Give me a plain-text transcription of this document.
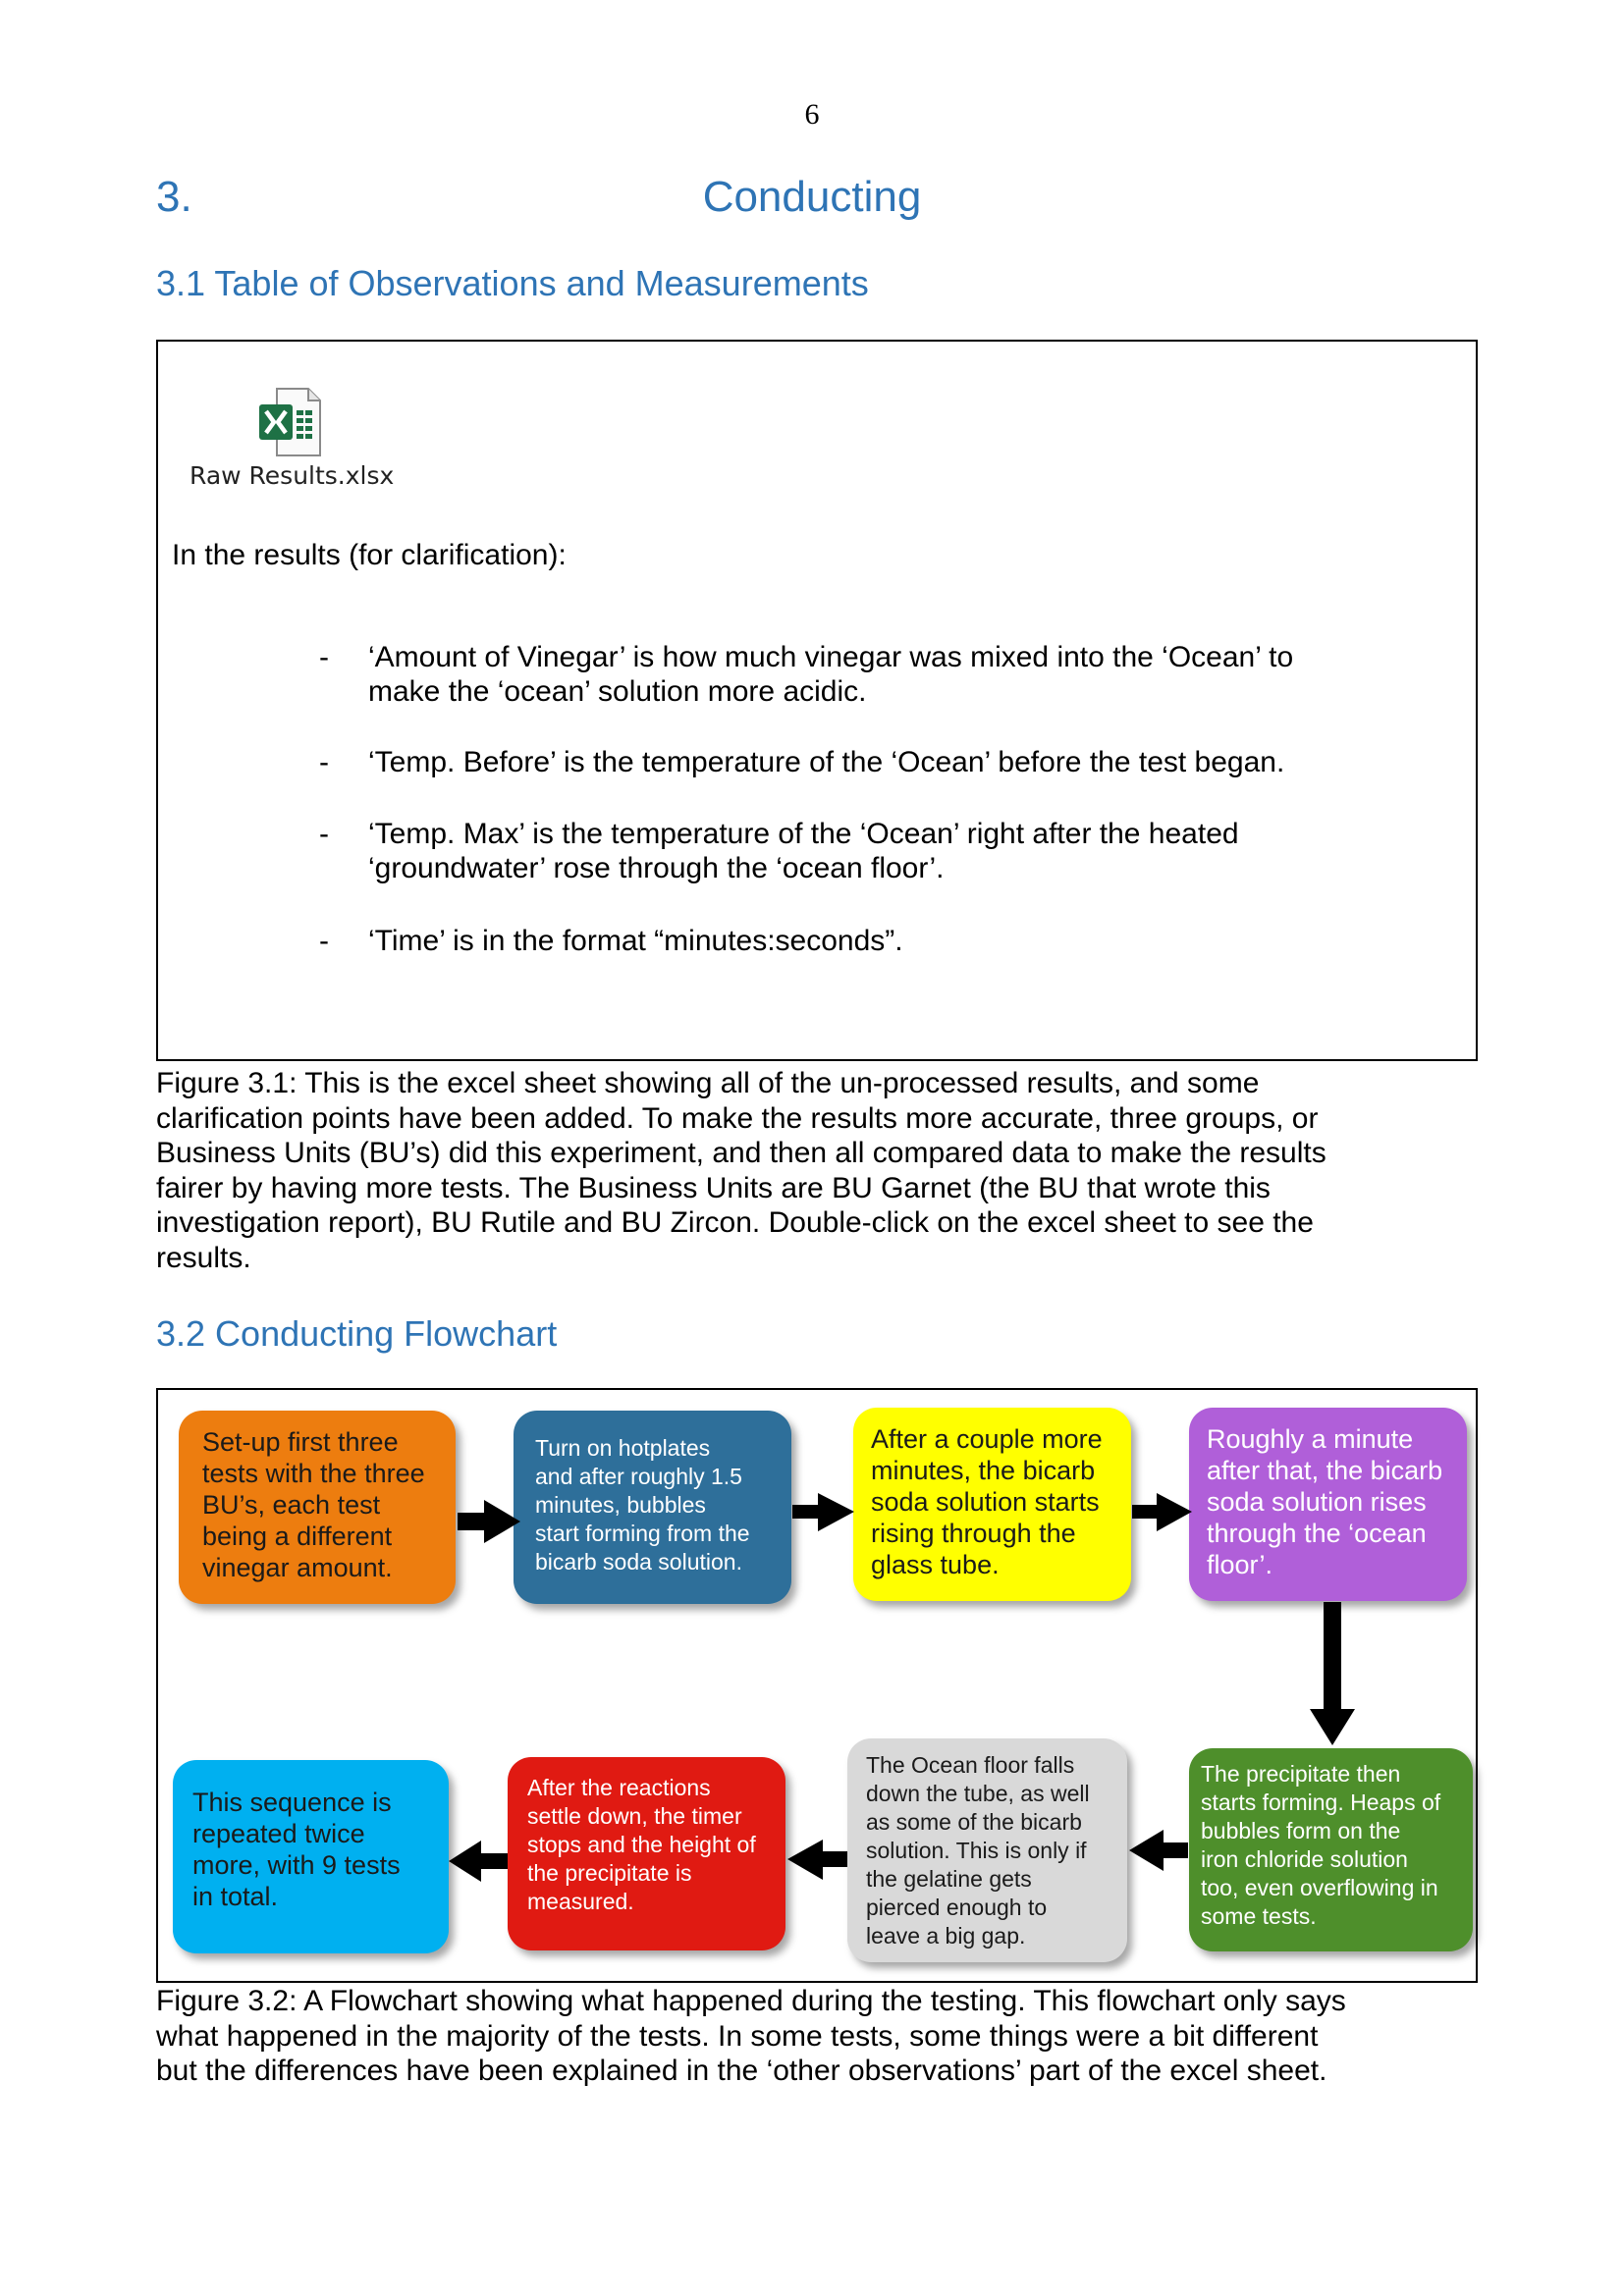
6
3.	Conducting
3.1 Table of Observations and Measurements
Raw Results.xlsx
In the results (for clarification):
- ‘Amount of Vinegar’ is how much vinegar was mixed into the ‘Ocean’ to
make the ‘ocean’ solution more acidic.
- ‘Temp. Before’ is the temperature of the ‘Ocean’ before the test began.
- ‘Temp. Max’ is the temperature of the ‘Ocean’ right after the heated
‘groundwater’ rose through the ‘ocean floor’.
- ‘Time’ is in the format “minutes:seconds”.
Figure 3.1: This is the excel sheet showing all of the un-processed results, and some
clarification points have been added. To make the results more accurate, three groups, or
Business Units (BU’s) did this experiment, and then all compared data to make the results
fairer by having more tests. The Business Units are BU Garnet (the BU that wrote this
investigation report), BU Rutile and BU Zircon. Double-click on the excel sheet to see the
results.
3.2 Conducting Flowchart
Set-up first three
tests with the three
BU’s, each test
being a different
vinegar amount.
Turn on hotplates
and after roughly 1.5
minutes, bubbles
start forming from the
bicarb soda solution.
After a couple more
minutes, the bicarb
soda solution starts
rising through the
glass tube.
Roughly a minute
after that, the bicarb
soda solution rises
through the ‘ocean
floor’.
The precipitate then
starts forming. Heaps of
bubbles form on the
iron chloride solution
too, even overflowing in
some tests.
The Ocean floor falls
down the tube, as well
as some of the bicarb
solution. This is only if
the gelatine gets
pierced enough to
leave a big gap.
After the reactions
settle down, the timer
stops and the height of
the precipitate is
measured.
This sequence is
repeated twice
more, with 9 tests
in total.
Figure 3.2: A Flowchart showing what happened during the testing. This flowchart only says
what happened in the majority of the tests. In some tests, some things were a bit different
but the differences have been explained in the ‘other observations’ part of the excel sheet.
